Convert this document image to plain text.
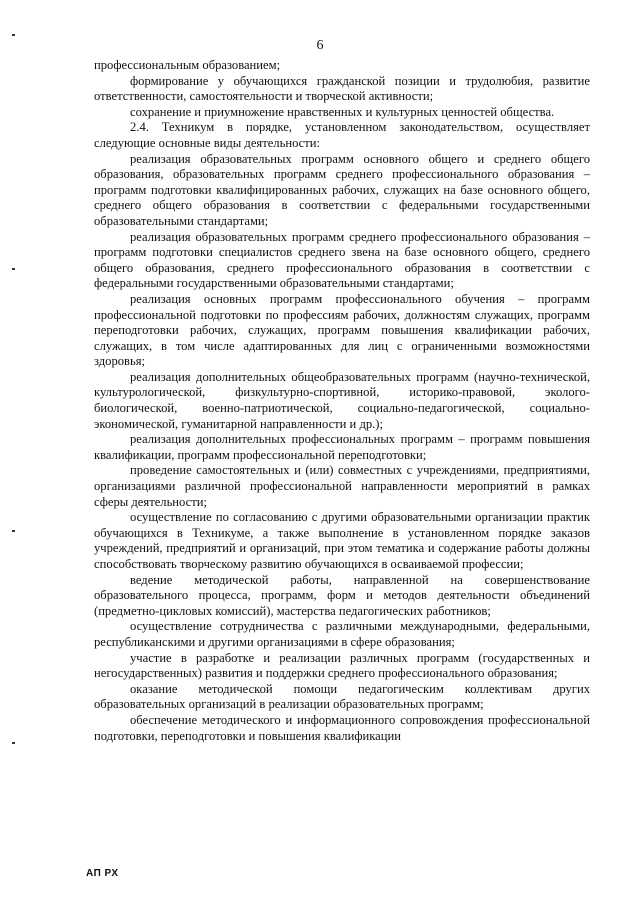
6

профессиональным образованием;

формирование у обучающихся гражданской позиции и трудолюбия, развитие ответственности, самостоятельности и творческой активности;

сохранение и приумножение нравственных и культурных ценностей общества.

2.4. Техникум в порядке, установленном законодательством, осуществляет следующие основные виды деятельности:

реализация образовательных программ основного общего и среднего общего образования, образовательных программ среднего профессионального образования – программ подготовки квалифицированных рабочих, служащих на базе основного общего, среднего общего образования в соответствии с федеральными государственными образовательными стандартами;

реализация образовательных программ среднего профессионального образования – программ подготовки специалистов среднего звена на базе основного общего, среднего общего образования, среднего профессионального образования в соответствии с федеральными государственными образовательными стандартами;

реализация основных программ профессионального обучения – программ профессиональной подготовки по профессиям рабочих, должностям служащих, программ переподготовки рабочих, служащих, программ повышения квалификации рабочих, служащих, в том числе адаптированных для лиц с ограниченными возможностями здоровья;

реализация дополнительных общеобразовательных программ (научно-технической, культурологической, физкультурно-спортивной, историко-правовой, эколого-биологической, военно-патриотической, социально-педагогической, социально-экономической, гуманитарной направленности и др.);

реализация дополнительных профессиональных программ – программ повышения квалификации, программ профессиональной переподготовки;

проведение самостоятельных и (или) совместных с учреждениями, предприятиями, организациями различной профессиональной направленности мероприятий в рамках сферы деятельности;

осуществление по согласованию с другими образовательными организации практик обучающихся в Техникуме, а также выполнение в установленном порядке заказов учреждений, предприятий и организаций, при этом тематика и содержание работы должны способствовать творческому развитию обучающихся в осваиваемой профессии;

ведение методической работы, направленной на совершенствование образовательного процесса, программ, форм и методов деятельности объединений (предметно-цикловых комиссий), мастерства педагогических работников;

осуществление сотрудничества с различными международными, федеральными, республиканскими и другими организациями в сфере образования;

участие в разработке и реализации различных программ (государственных и негосударственных) развития и поддержки среднего профессионального образования;

оказание методической помощи педагогическим коллективам других образовательных организаций в реализации образовательных программ;

обеспечение методического и информационного сопровождения профессиональной подготовки, переподготовки и повышения квалификации

АП РХ
